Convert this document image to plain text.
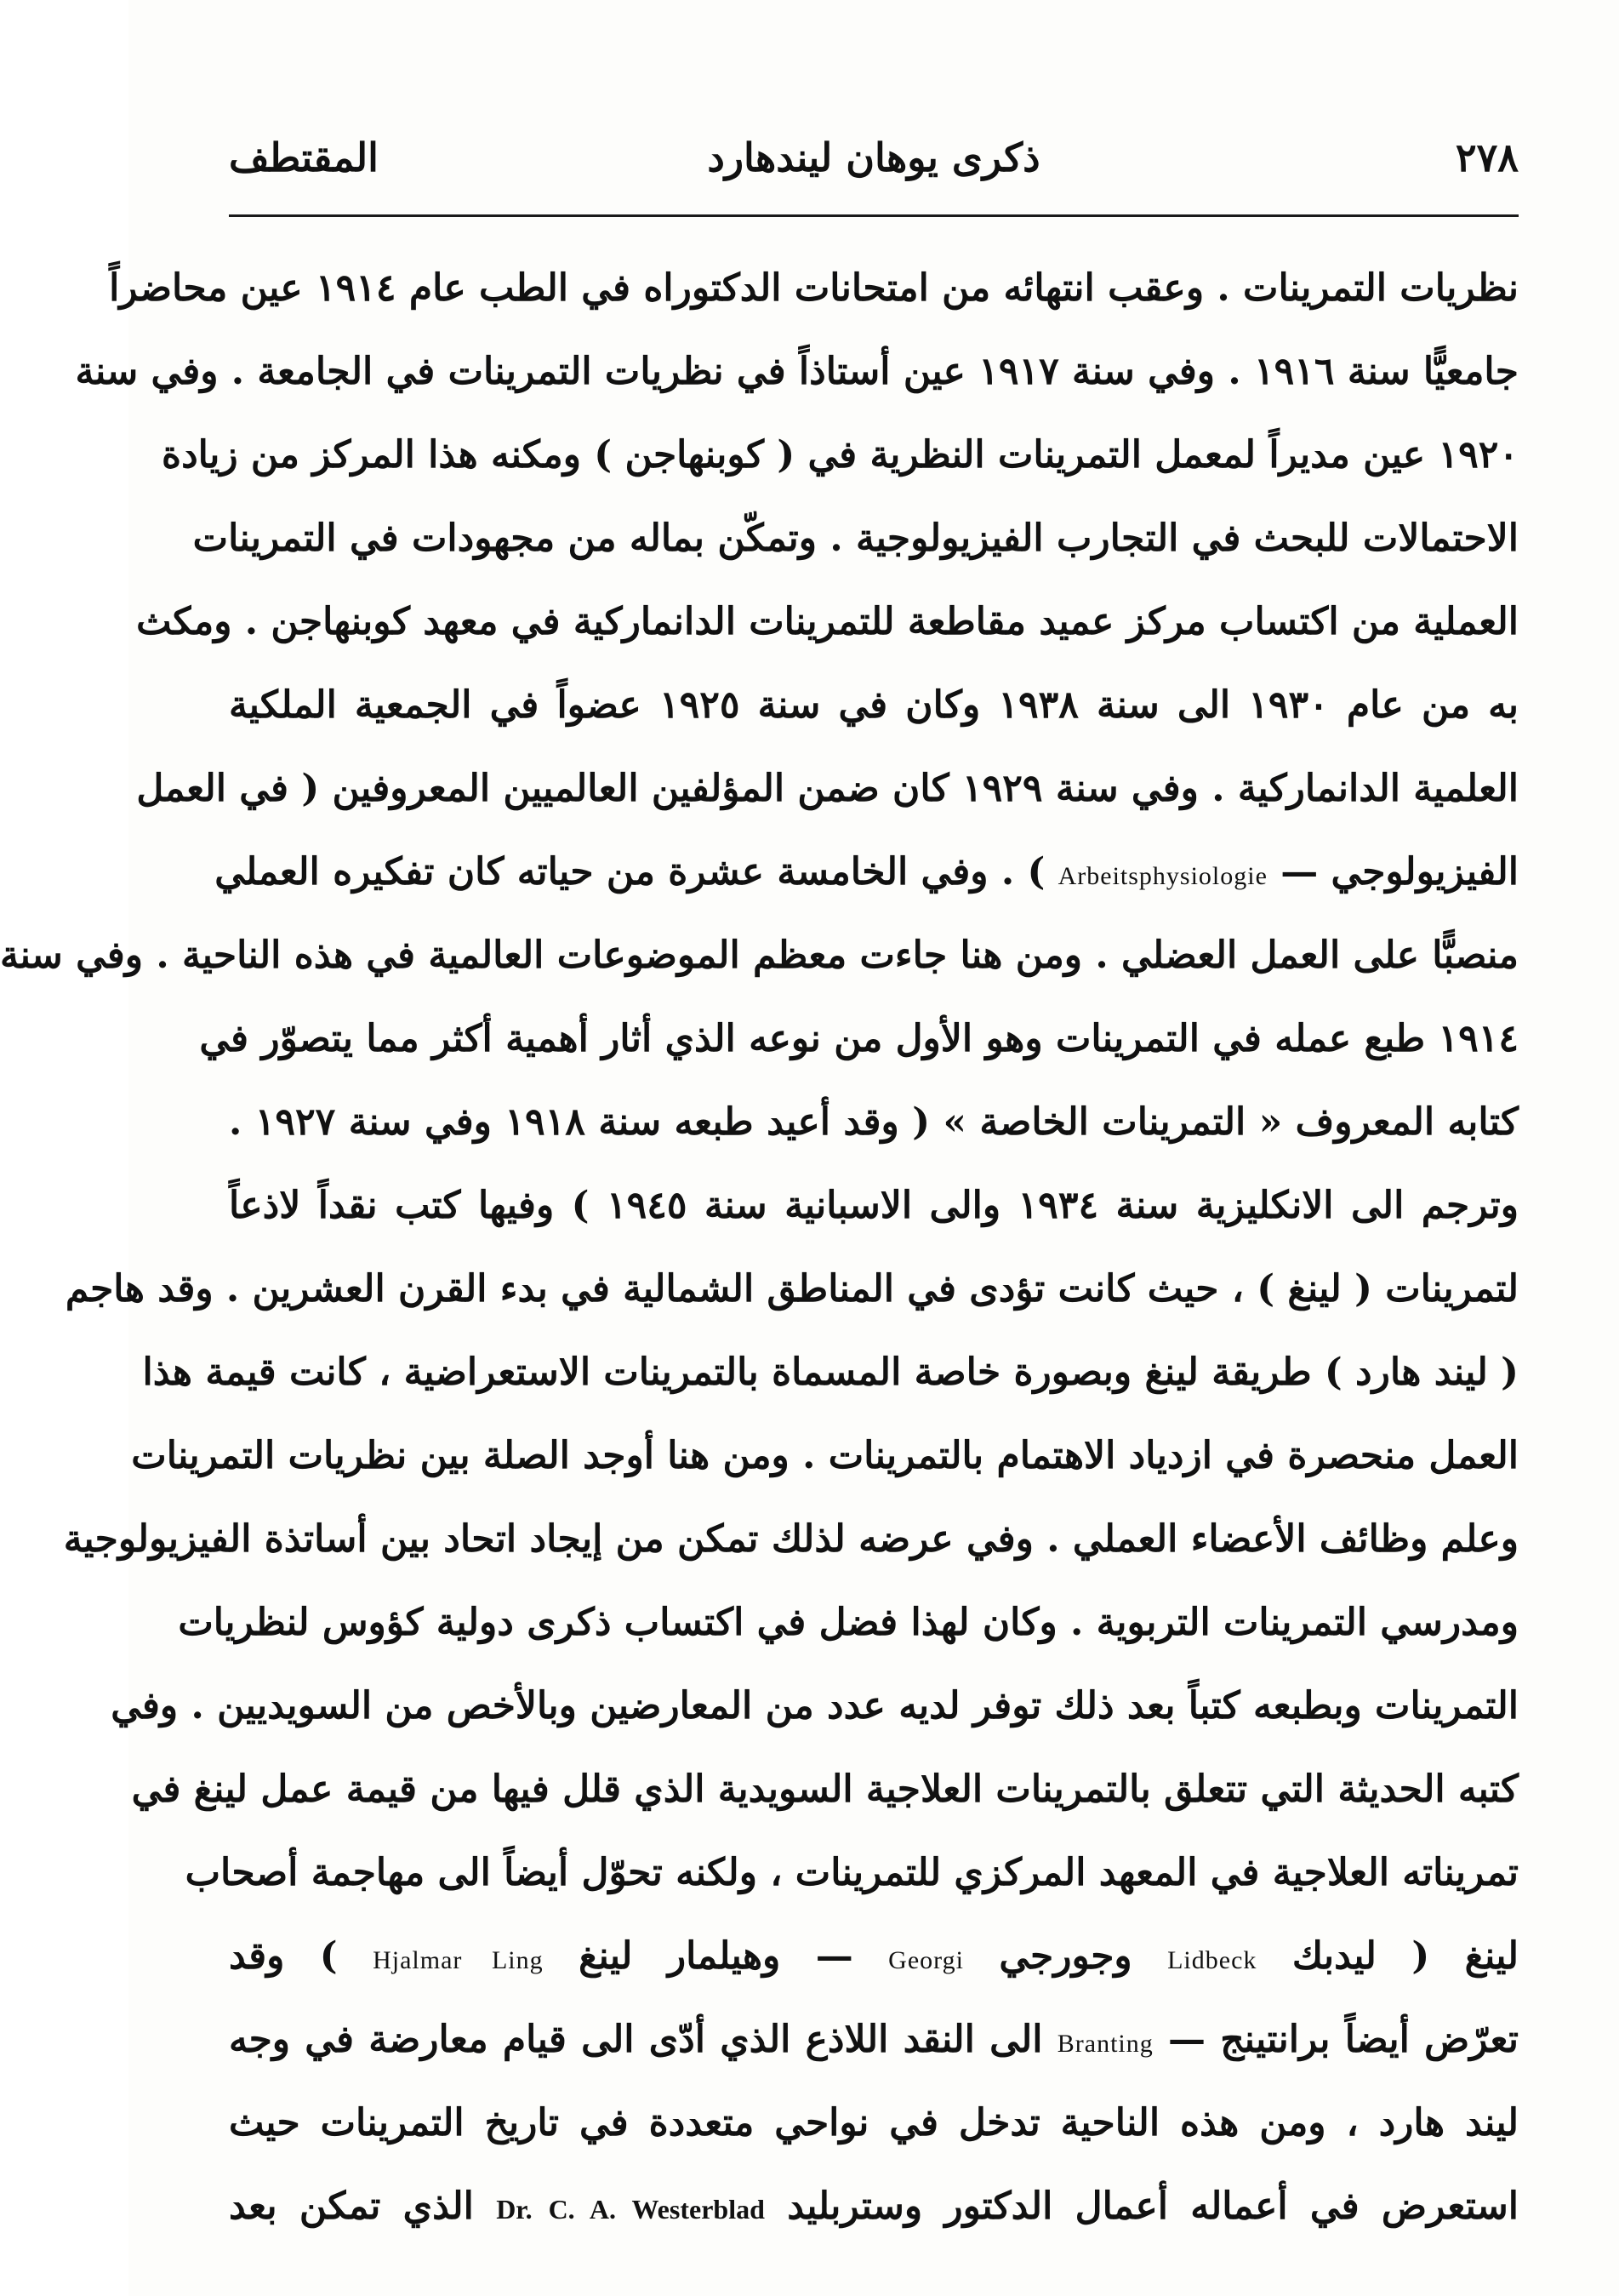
٢٧٨
ذكرى يوهان ليندهارد
المقتطف
نظريات التمرينات . وعقب انتهائه من امتحانات الدكتوراه في الطب عام ١٩١٤ عين محاضراً
جامعيًّا سنة ١٩١٦ . وفي سنة ١٩١٧ عين أستاذاً في نظريات التمرينات في الجامعة . وفي سنة
١٩٢٠ عين مديراً لمعمل التمرينات النظرية في ( كوبنهاجن ) ومكنه هذا المركز من زيادة
الاحتمالات للبحث في التجارب الفيزيولوجية . وتمكّن بماله من مجهودات في التمرينات
العملية من اكتساب مركز عميد مقاطعة للتمرينات الدانماركية في معهد كوبنهاجن . ومكث
به من عام ١٩٣٠ الى سنة ١٩٣٨ وكان في سنة ١٩٢٥ عضواً في الجمعية الملكية
العلمية الدانماركية . وفي سنة ١٩٢٩ كان ضمن المؤلفين العالميين المعروفين ( في العمل
الفيزيولوجي — Arbeitsphysiologie ) . وفي الخامسة عشرة من حياته كان تفكيره العملي
منصبًّا على العمل العضلي . ومن هنا جاءت معظم الموضوعات العالمية في هذه الناحية . وفي سنة
١٩١٤ طبع عمله في التمرينات وهو الأول من نوعه الذي أثار أهمية أكثر مما يتصوّر في
كتابه المعروف « التمرينات الخاصة » ( وقد أعيد طبعه سنة ١٩١٨ وفي سنة ١٩٢٧ .
وترجم الى الانكليزية سنة ١٩٣٤ والى الاسبانية سنة ١٩٤٥ ) وفيها كتب نقداً لاذعاً
لتمرينات ( لينغ ) ، حيث كانت تؤدى في المناطق الشمالية في بدء القرن العشرين . وقد هاجم
( ليند هارد ) طريقة لينغ وبصورة خاصة المسماة بالتمرينات الاستعراضية ، كانت قيمة هذا
العمل منحصرة في ازدياد الاهتمام بالتمرينات . ومن هنا أوجد الصلة بين نظريات التمرينات
وعلم وظائف الأعضاء العملي . وفي عرضه لذلك تمكن من إيجاد اتحاد بين أساتذة الفيزيولوجية
ومدرسي التمرينات التربوية . وكان لهذا فضل في اكتساب ذكرى دولية كؤوس لنظريات
التمرينات وبطبعه كتباً بعد ذلك توفر لديه عدد من المعارضين وبالأخص من السويديين . وفي
كتبه الحديثة التي تتعلق بالتمرينات العلاجية السويدية الذي قلل فيها من قيمة عمل لينغ في
تمريناته العلاجية في المعهد المركزي للتمرينات ، ولكنه تحوّل أيضاً الى مهاجمة أصحاب
لينغ ( ليدبك Lidbeck وجورجي Georgi — وهيلمار لينغ Hjalmar Ling ) وقد
تعرّض أيضاً برانتينج — Branting الى النقد اللاذع الذي أدّى الى قيام معارضة في وجه
ليند هارد ، ومن هذه الناحية تدخل في نواحي متعددة في تاريخ التمرينات حيث
استعرض في أعماله أعمال الدكتور وستربليد Dr. C. A. Westerblad الذي تمكن بعد
